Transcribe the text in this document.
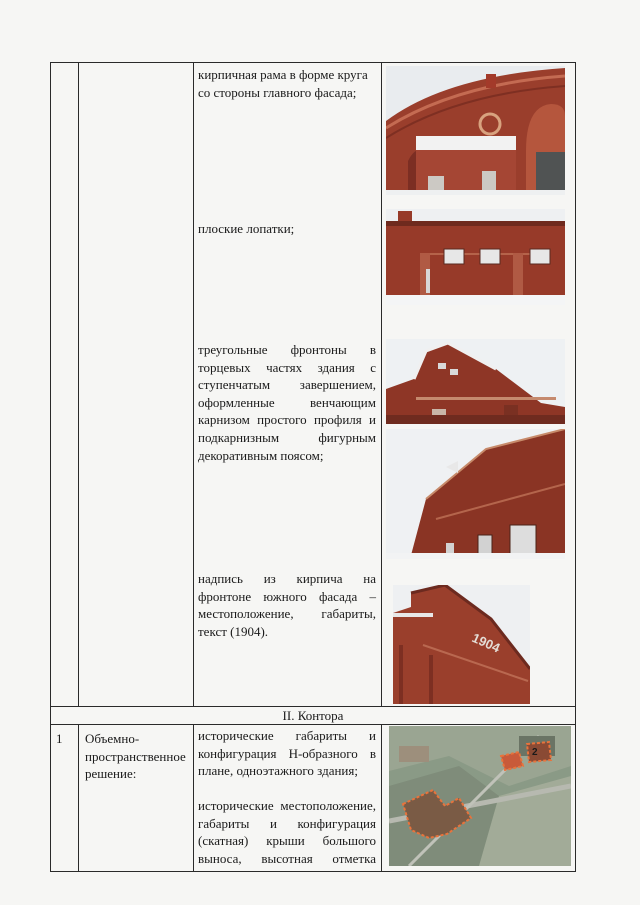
кирпичная рама в форме круга
со стороны главного фасада;
плоские лопатки;
треугольные фронтоны в
торцевых частях здания с
ступенчатым завершением,
оформленные венчающим
карнизом простого профиля и
подкарнизным фигурным
декоративным поясом;
надпись из кирпича на
фронтоне южного фасада –
местоположение, габариты,
текст (1904).	1904
II. Контора
1 Объемно-
пространственное
решение:
исторические габариты и
конфигурация Н-образного в
плане, одноэтажного здания;
исторические местоположение,
габариты и конфигурация
(скатная) крыши большого
выноса, высотная отметка
2
